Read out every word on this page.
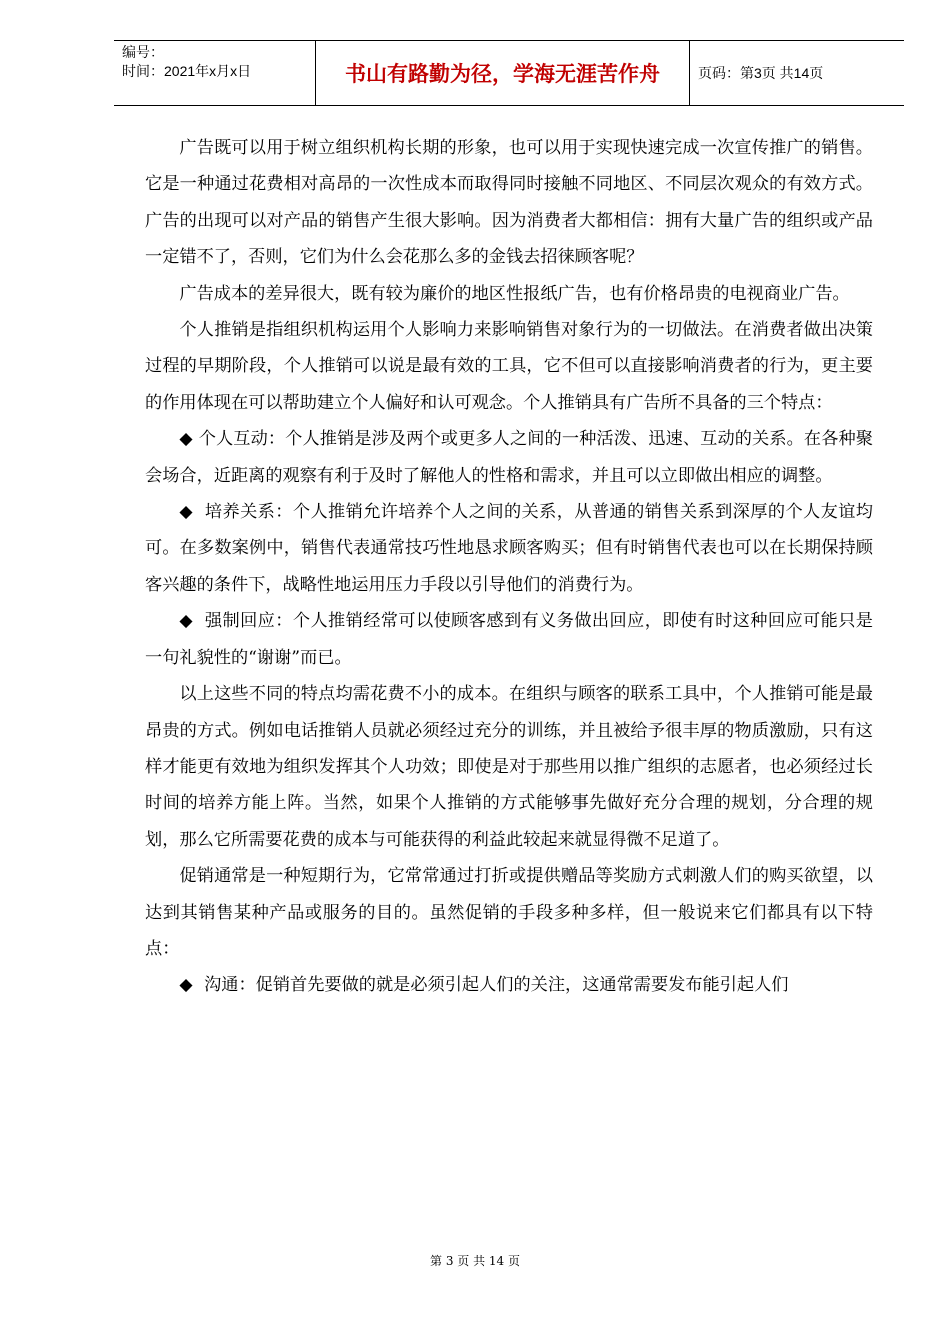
编号：
时间：2021年x月x日	书山有路勤为径，学海无涯苦作舟	页码：第3页 共14页

广告既可以用于树立组织机构长期的形象，也可以用于实现快速完成一次宣传推广的销售。它是一种通过花费相对高昂的一次性成本而取得同时接触不同地区、不同层次观众的有效方式。广告的出现可以对产品的销售产生很大影响。因为消费者大都相信：拥有大量广告的组织或产品一定错不了，否则，它们为什么会花那么多的金钱去招徕顾客呢？

广告成本的差异很大，既有较为廉价的地区性报纸广告，也有价格昂贵的电视商业广告。

个人推销是指组织机构运用个人影响力来影响销售对象行为的一切做法。在消费者做出决策过程的早期阶段，个人推销可以说是最有效的工具，它不但可以直接影响消费者的行为，更主要的作用体现在可以帮助建立个人偏好和认可观念。个人推销具有广告所不具备的三个特点：

◆ 个人互动：个人推销是涉及两个或更多人之间的一种活泼、迅速、互动的关系。在各种聚会场合，近距离的观察有利于及时了解他人的性格和需求，并且可以立即做出相应的调整。

◆ 培养关系：个人推销允许培养个人之间的关系，从普通的销售关系到深厚的个人友谊均可。在多数案例中，销售代表通常技巧性地恳求顾客购买；但有时销售代表也可以在长期保持顾客兴趣的条件下，战略性地运用压力手段以引导他们的消费行为。

◆ 强制回应：个人推销经常可以使顾客感到有义务做出回应，即使有时这种回应可能只是一句礼貌性的“谢谢”而已。

以上这些不同的特点均需花费不小的成本。在组织与顾客的联系工具中，个人推销可能是最昂贵的方式。例如电话推销人员就必须经过充分的训练，并且被给予很丰厚的物质激励，只有这样才能更有效地为组织发挥其个人功效；即使是对于那些用以推广组织的志愿者，也必须经过长时间的培养方能上阵。当然，如果个人推销的方式能够事先做好充分合理的规划，分合理的规划，那么它所需要花费的成本与可能获得的利益此较起来就显得微不足道了。

促销通常是一种短期行为，它常常通过打折或提供赠品等奖励方式刺激人们的购买欲望，以达到其销售某种产品或服务的目的。虽然促销的手段多种多样，但一般说来它们都具有以下特点：

◆ 沟通：促销首先要做的就是必须引起人们的关注，这通常需要发布能引起人们

第 3 页 共 14 页
